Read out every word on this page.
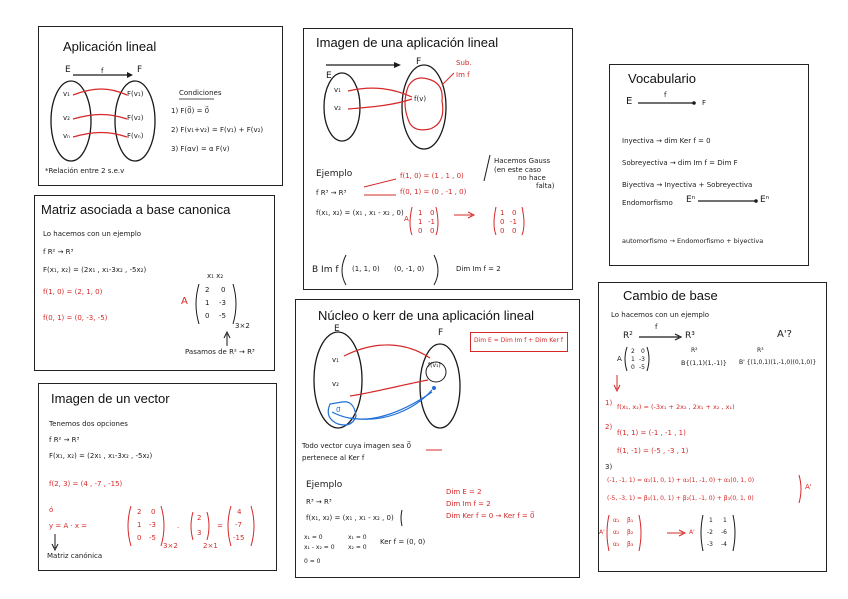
Aplicación lineal
E	f	F
v₁
v₂
vₙ
F(v₁)
F(v₂)
F(vₙ)
Condiciones
1) F(0⃗) = 0⃗
2) F(v₁+v₂) = F(v₁) + F(v₂)
3) F(αv) = α F(v)
*Relación entre 2 s.e.v
Matriz asociada a base canonica
Lo hacemos con un ejemplo
f R² → R³
F(x₁, x₂) = (2x₁ , x₁-3x₂ , -5x₂)
x₁ x₂
f(1, 0) = (2, 1, 0)
f(0, 1) = (0, -3, -5)
A
2 0
1 -3
0 -5
3×2
Pasamos de R² → R³
Imagen de un vector
Tenemos dos opciones
f R² → R³
F(x₁, x₂) = (2x₁ , x₁-3x₂ , -5x₂)
f(2, 3) = (4 , -7 , -15)
ó
y = A · x =
2 0
1 -3
0 -5
3×2
·
2
3
2×1
=
4
-7
-15
Matriz canónica
Imagen de una aplicación lineal
E
F
v₁
v₂
f(v)
Sub.
Im f
Ejemplo
f R³ → R³
f(x₁, x₂) = (x₁ , x₁ - x₂ , 0)
f(1, 0) = (1 , 1 , 0)
f(0, 1) = (0 , -1 , 0)
Hacemos Gauss
(en este caso
no hace
falta)
A
1 0
1 -1
0 0
1 0
0 -1
0 0
B Im f (1, 1, 0) (0, -1, 0)	Dim Im f = 2
Núcleo o kerr de una aplicación lineal
Dim E = Dim Im f + Dim Ker f
E	F
v₁
v₂
f(v₁)
0⃗
Todo vector cuya imagen sea 0⃗
pertenece al Ker f
Ejemplo
R³ → R³
f(x₁, x₂) = (x₁ , x₁ - x₂ , 0)
Dim E = 2
Dim Im f = 2
Dim Ker f = 0 → Ker f = 0⃗
x₁ = 0
x₁ - x₂ = 0
x₁ = 0
x₂ = 0
Ker f = (0, 0)
0 = 0
Vocabulario
E
f
F
Inyectiva → dim Ker f = 0
Sobreyectiva → dim Im f = Dim F
Biyectiva → Inyectiva + Sobreyectiva
Endomorfismo Eⁿ	Eⁿ
automorfismo → Endomorfismo + biyectiva
Cambio de base
Lo hacemos con un ejemplo
R²
f
R³	A'?
A
2 0
1 -3
0 -5
R²
B{(1,1)(1,-1)}
R³
B' {(1,0,1)(1,-1,0)(0,1,0)}
1) f(x₁, x₂) = (-3x₁ + 2x₂ , 2x₁ + x₂ , x₁)
2)
f(1, 1) = (-1 , -1 , 1)
f(1, -1) = (-5 , -3 , 1)
3)
(-1, -1, 1) = α₁(1, 0, 1) + α₂(1, -1, 0) + α₃(0, 1, 0)
(-5, -3, 1) = β₁(1, 0, 1) + β₂(1, -1, 0) + β₃(0, 1, 0)
A'
A'
α₁ β₁
α₂ β₂
α₃ β₃
A'
1 1
-2 -6
-3 -4
